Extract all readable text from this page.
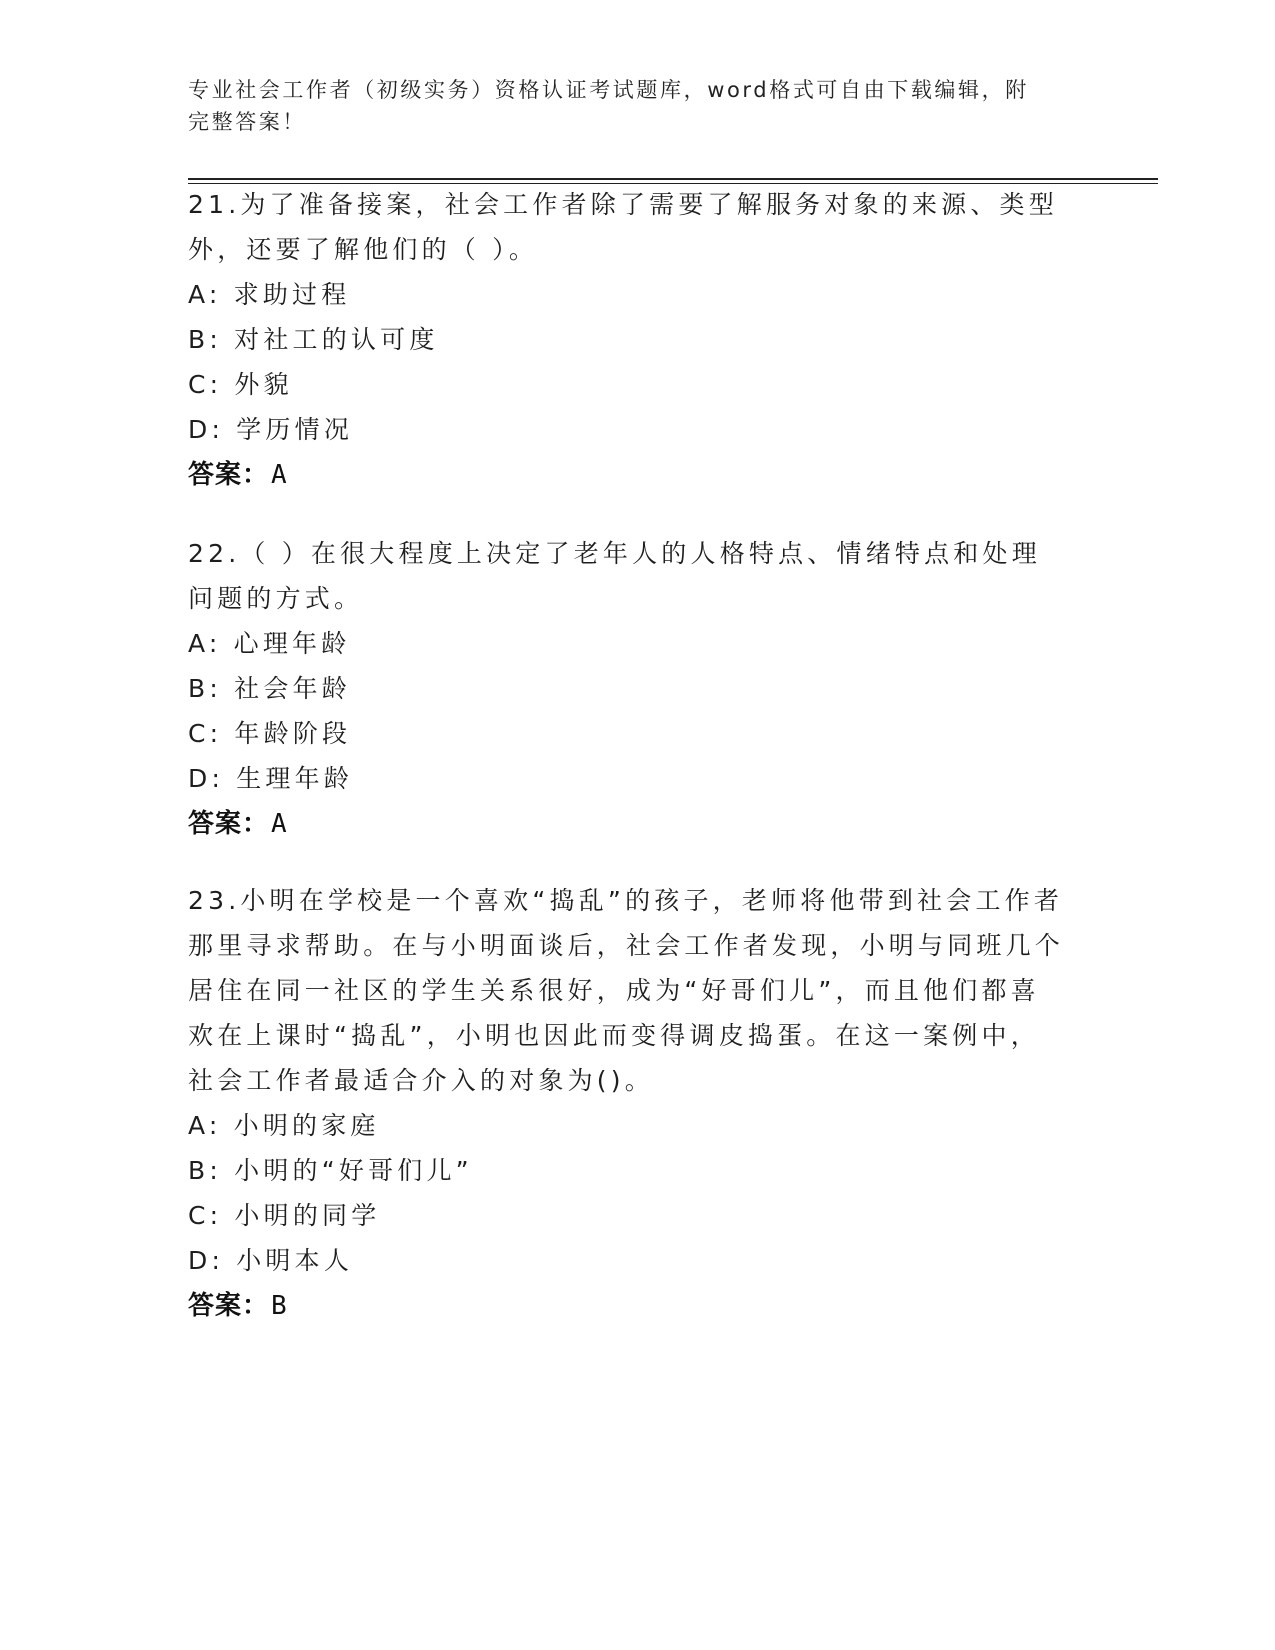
专业社会工作者（初级实务）资格认证考试题库，word格式可自由下载编辑，附完整答案！
21.为了准备接案，社会工作者除了需要了解服务对象的来源、类型外，还要了解他们的（ ）。
A: 求助过程
B: 对社工的认可度
C: 外貌
D: 学历情况
答案：A
22.（ ）在很大程度上决定了老年人的人格特点、情绪特点和处理问题的方式。
A: 心理年龄
B: 社会年龄
C: 年龄阶段
D: 生理年龄
答案：A
23.小明在学校是一个喜欢“捣乱”的孩子，老师将他带到社会工作者那里寻求帮助。在与小明面谈后，社会工作者发现，小明与同班几个居住在同一社区的学生关系很好，成为“好哥们儿”，而且他们都喜欢在上课时“捣乱”，小明也因此而变得调皮捣蛋。在这一案例中，社会工作者最适合介入的对象为()。
A: 小明的家庭
B: 小明的“好哥们儿”
C: 小明的同学
D: 小明本人
答案：B
